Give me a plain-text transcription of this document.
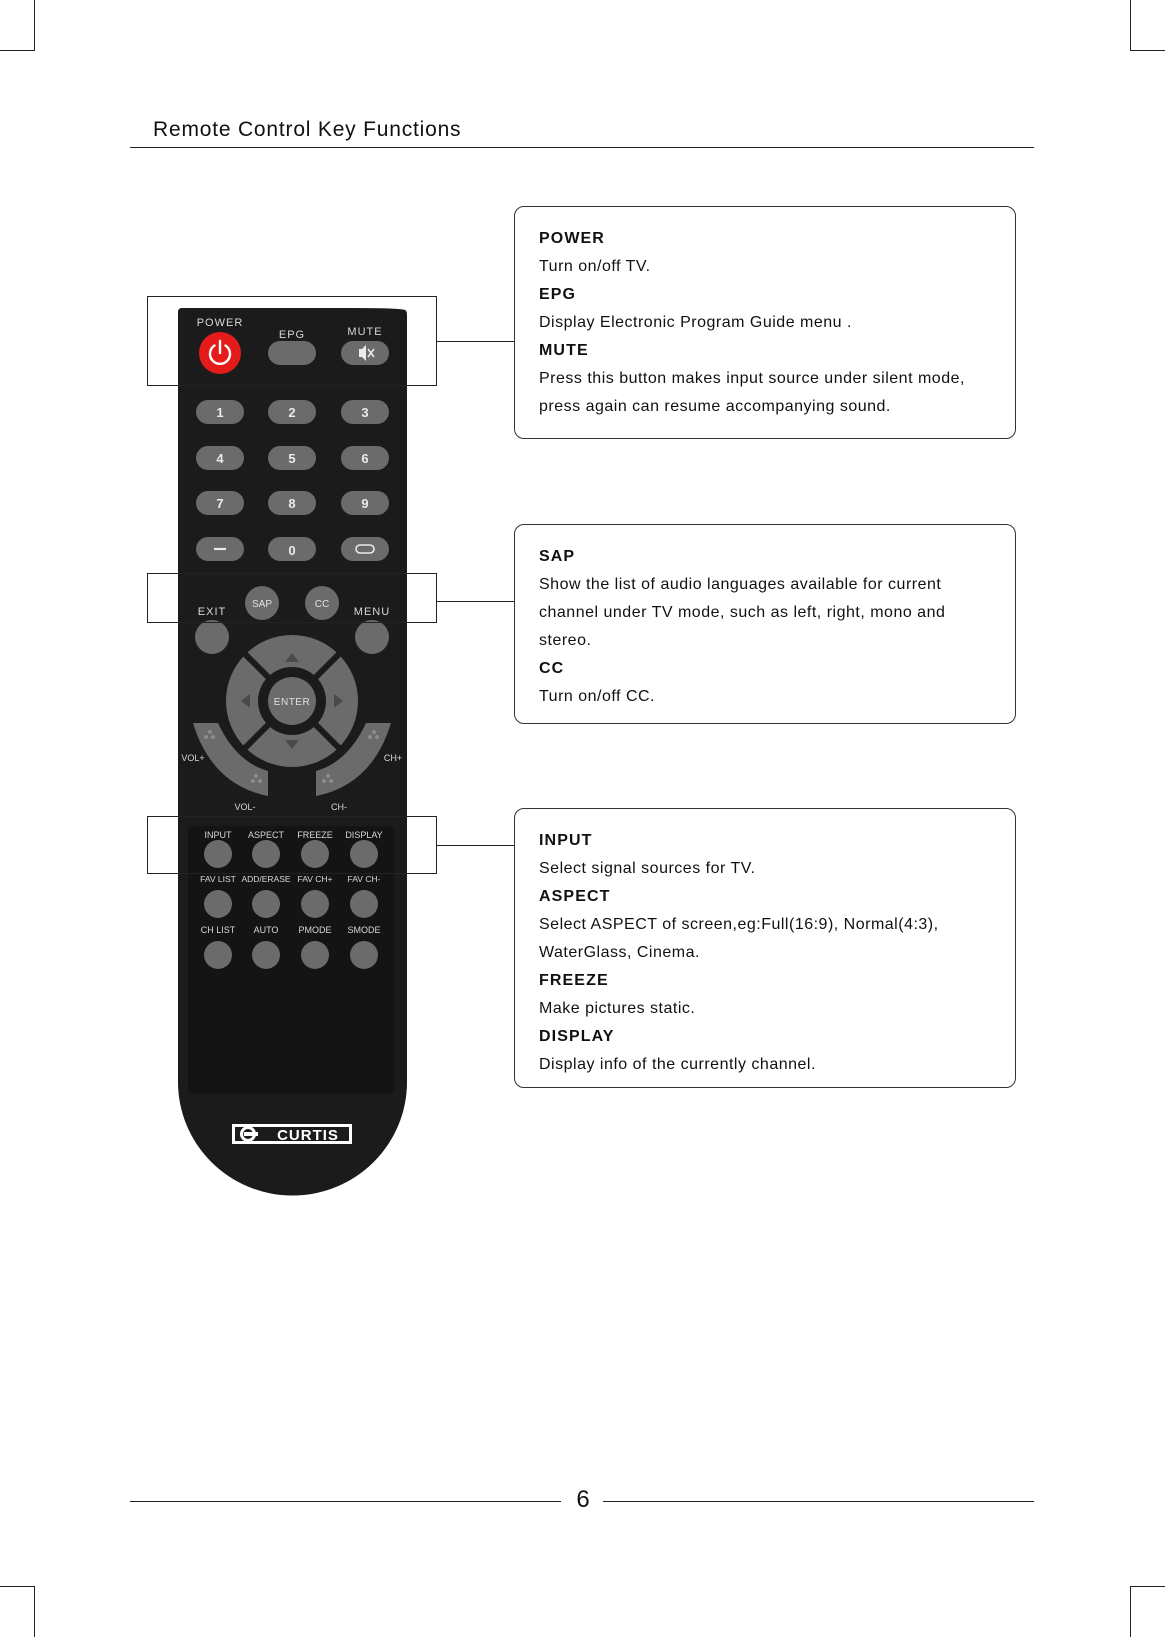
Remote Control Key Functions
POWER
EPG	MUTE
1	2	3
4	5	6
7	8	9
0
EXIT	MENU
SAP	CC
ENTER
VOL+	CH+
VOL-	CH-
INPUT ASPECT FREEZE DISPLAY
FAV LIST ADD/ERASE FAV CH+ FAV CH-
CH LIST AUTO PMODE SMODE
CURTIS
POWER
Turn on/off TV.
EPG
Display Electronic Program Guide menu .
MUTE
Press this button makes input source under silent mode,
press again can resume accompanying sound.
SAP
Show the list of audio languages available for current
channel under TV mode, such as left, right, mono and
stereo.
CC
Turn on/off CC.
INPUT
Select signal sources for TV.
ASPECT
Select ASPECT of screen,eg:Full(16:9), Normal(4:3),
WaterGlass, Cinema.
FREEZE
Make pictures static.
DISPLAY
Display info of the currently channel.
6
